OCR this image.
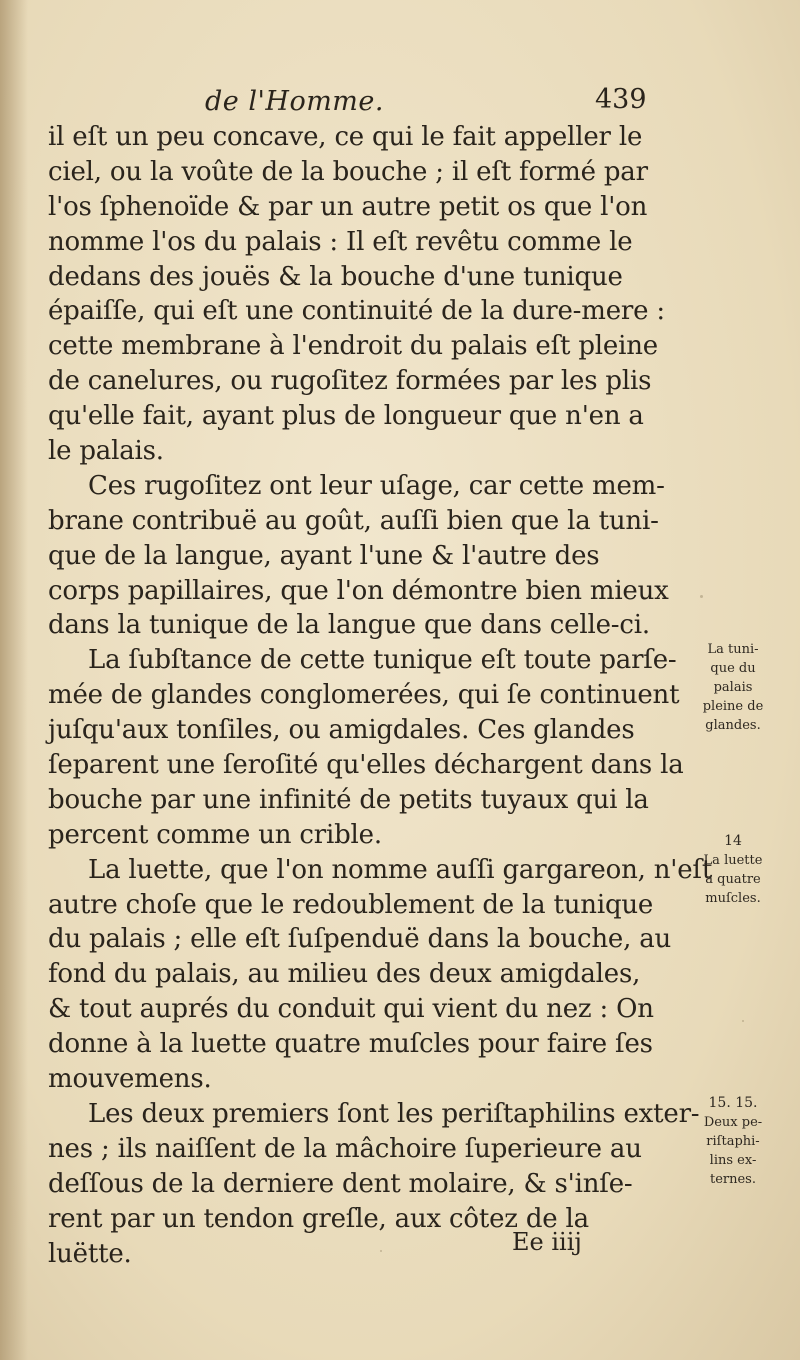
de l'Homme.	439
il eſt un peu concave, ce qui le fait appeller le
ciel, ou la voûte de la bouche ; il eſt formé par
l'os ſphenoïde & par un autre petit os que l'on
nomme l'os du palais : Il eſt revêtu comme le
dedans des jouës & la bouche d'une tunique
épaiſſe, qui eſt une continuité de la dure-mere :
cette membrane à l'endroit du palais eſt pleine
de canelures, ou rugoſitez formées par les plis
qu'elle fait, ayant plus de longueur que n'en a
le palais.
Ces rugoſitez ont leur uſage, car cette mem-
brane contribuë au goût, auſſi bien que la tuni-
que de la langue, ayant l'une & l'autre des
corps papillaires, que l'on démontre bien mieux
dans la tunique de la langue que dans celle-ci.
La ſubſtance de cette tunique eſt toute parſe-
mée de glandes conglomerées, qui ſe continuent
juſqu'aux tonſiles, ou amigdales. Ces glandes
ſeparent une ſeroſité qu'elles déchargent dans la
bouche par une infinité de petits tuyaux qui la
percent comme un crible.
La luette, que l'on nomme auſſi gargareon, n'eſt
autre choſe que le redoublement de la tunique
du palais ; elle eſt ſuſpenduë dans la bouche, au
fond du palais, au milieu des deux amigdales,
& tout auprés du conduit qui vient du nez : On
donne à la luette quatre muſcles pour faire ſes
mouvemens.
Les deux premiers ſont les periſtaphilins exter-
nes ; ils naiſſent de la mâchoire ſuperieure au
deſſous de la derniere dent molaire, & s'inſe-
rent par un tendon greſle, aux côtez de la
luëtte.
La tuni-
que du
palais
pleine de
glandes.
14
La luette
a quatre
muſcles.
15. 15.
Deux pe-
riſtaphi-
lins ex-
ternes.
Ee iiij
